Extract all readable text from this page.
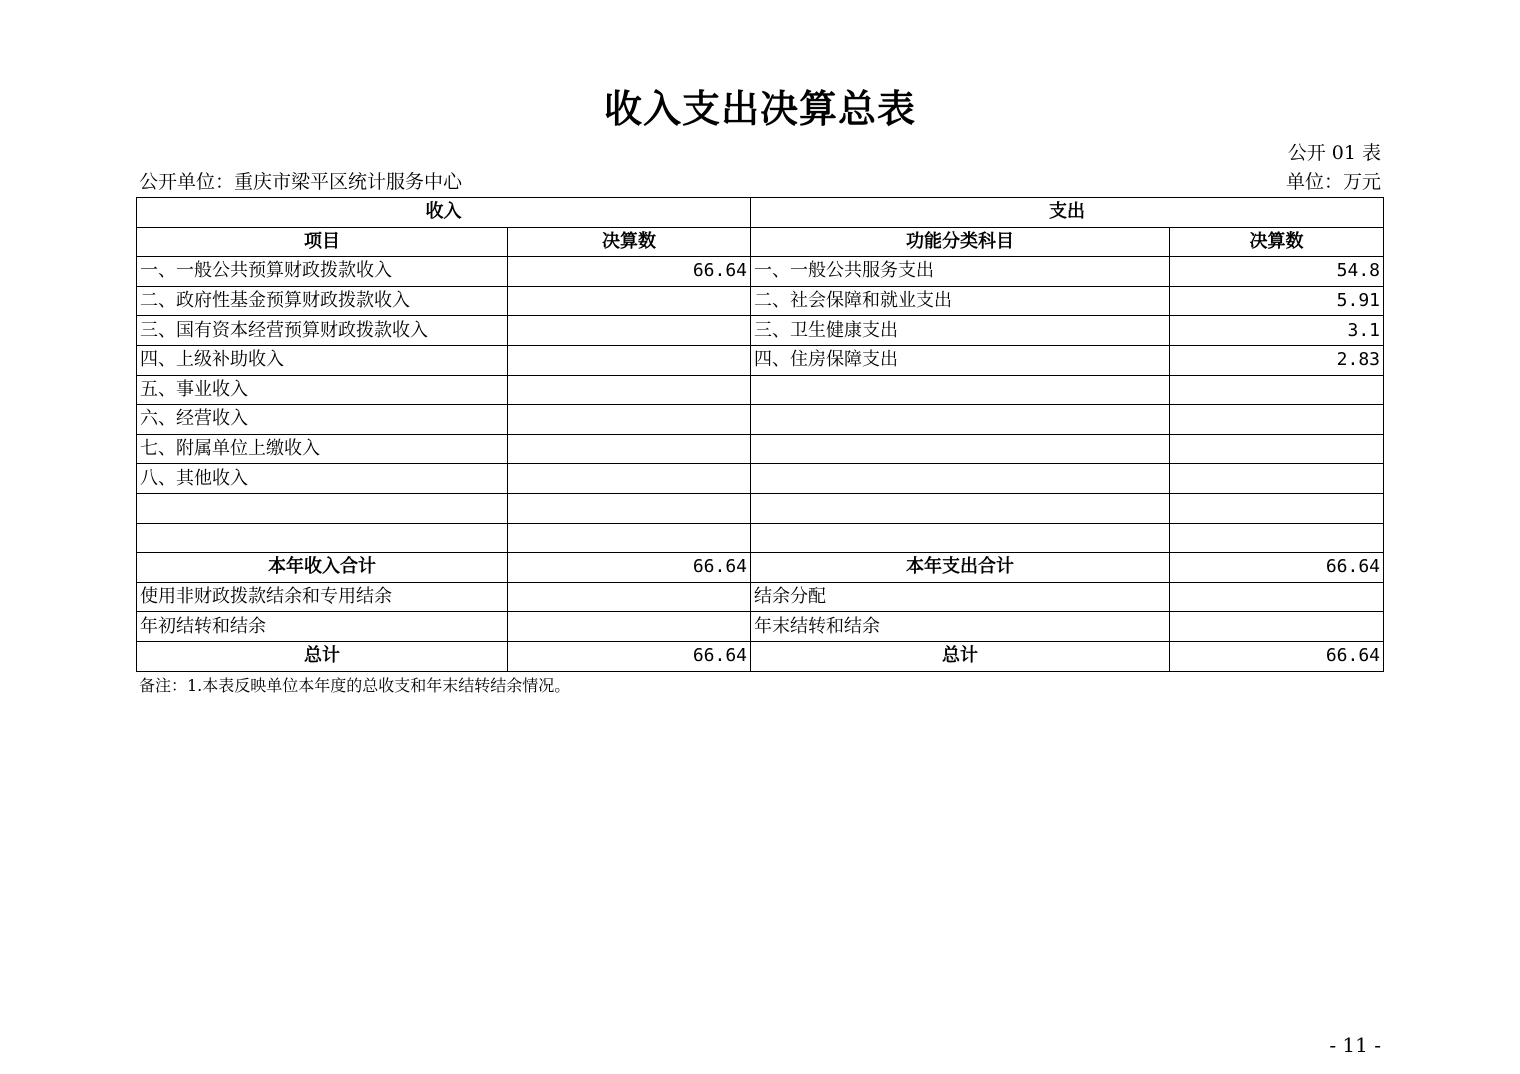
收入支出决算总表
公开 01 表
公开单位：重庆市梁平区统计服务中心	单位：万元
收入		支出	
项目	决算数	功能分类科目	决算数
一、一般公共预算财政拨款收入	66.64	一、一般公共服务支出	54.8
二、政府性基金预算财政拨款收入		二、社会保障和就业支出	5.91
三、国有资本经营预算财政拨款收入		三、卫生健康支出	3.1
四、上级补助收入		四、住房保障支出	2.83
五、事业收入			
六、经营收入			
七、附属单位上缴收入			
八、其他收入			

本年收入合计	66.64	本年支出合计	66.64
使用非财政拨款结余和专用结余		结余分配	
年初结转和结余		年末结转和结余	
总计	66.64	总计	66.64
备注：1.本表反映单位本年度的总收支和年末结转结余情况。
- 11 -
